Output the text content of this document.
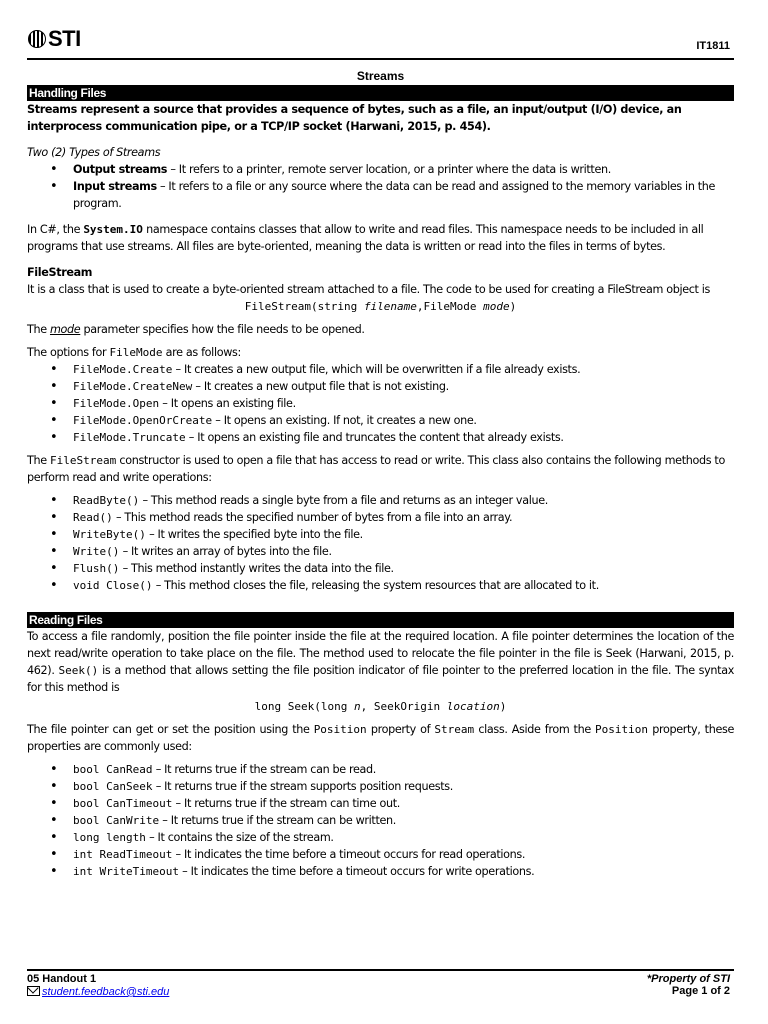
STI	IT1811
Streams
Handling Files

Streams represent a source that provides a sequence of bytes, such as a file, an input/output (I/O) device, an interprocess communication pipe, or a TCP/IP socket (Harwani, 2015, p. 454).

Two (2) Types of Streams

• Output streams – It refers to a printer, remote server location, or a printer where the data is written.
• Input streams – It refers to a file or any source where the data can be read and assigned to the memory variables in the program.

In C#, the System.IO namespace contains classes that allow to write and read files. This namespace needs to be included in all programs that use streams. All files are byte-oriented, meaning the data is written or read into the files in terms of bytes.

FileStream

It is a class that is used to create a byte-oriented stream attached to a file. The code to be used for creating a FileStream object is

FileStream(string filename,FileMode mode)

The mode parameter specifies how the file needs to be opened.

The options for FileMode are as follows:

• FileMode.Create – It creates a new output file, which will be overwritten if a file already exists.
• FileMode.CreateNew – It creates a new output file that is not existing.
• FileMode.Open – It opens an existing file.
• FileMode.OpenOrCreate – It opens an existing. If not, it creates a new one.
• FileMode.Truncate – It opens an existing file and truncates the content that already exists.

The FileStream constructor is used to open a file that has access to read or write. This class also contains the following methods to perform read and write operations:

• ReadByte() – This method reads a single byte from a file and returns as an integer value.
• Read() – This method reads the specified number of bytes from a file into an array.
• WriteByte() – It writes the specified byte into the file.
• Write() – It writes an array of bytes into the file.
• Flush() – This method instantly writes the data into the file.
• void Close() – This method closes the file, releasing the system resources that are allocated to it.
Reading Files

To access a file randomly, position the file pointer inside the file at the required location. A file pointer determines the location of the next read/write operation to take place on the file. The method used to relocate the file pointer in the file is Seek (Harwani, 2015, p. 462). Seek() is a method that allows setting the file position indicator of file pointer to the preferred location in the file. The syntax for this method is

long Seek(long n, SeekOrigin location)

The file pointer can get or set the position using the Position property of Stream class. Aside from the Position property, these properties are commonly used:

• bool CanRead – It returns true if the stream can be read.
• bool CanSeek – It returns true if the stream supports position requests.
• bool CanTimeout – It returns true if the stream can time out.
• bool CanWrite – It returns true if the stream can be written.
• long length – It contains the size of the stream.
• int ReadTimeout – It indicates the time before a timeout occurs for read operations.
• int WriteTimeout – It indicates the time before a timeout occurs for write operations.
05 Handout 1
student.feedback@sti.edu
*Property of STI
Page 1 of 2
